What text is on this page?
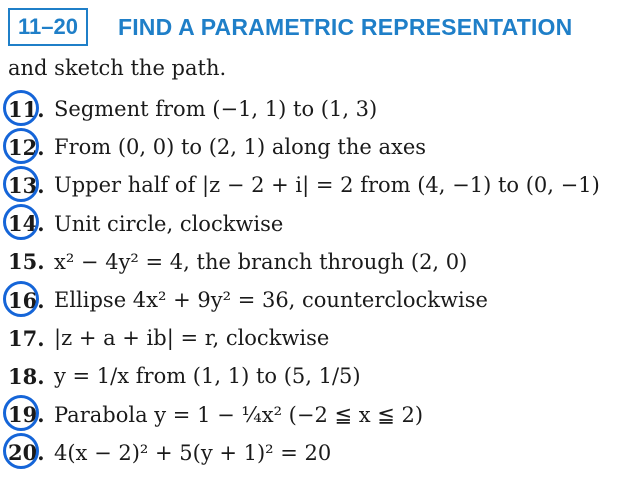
11–20	FIND A PARAMETRIC REPRESENTATION
and sketch the path.
11. Segment from (−1, 1) to (1, 3)
12. From (0, 0) to (2, 1) along the axes
13. Upper half of |z − 2 + i| = 2 from (4, −1) to (0, −1)
14. Unit circle, clockwise
15. x² − 4y² = 4, the branch through (2, 0)
16. Ellipse 4x² + 9y² = 36, counterclockwise
17. |z + a + ib| = r, clockwise
18. y = 1/x from (1, 1) to (5, 1/5)
19. Parabola y = 1 − ¼x² (−2 ≦ x ≦ 2)
20. 4(x − 2)² + 5(y + 1)² = 20
